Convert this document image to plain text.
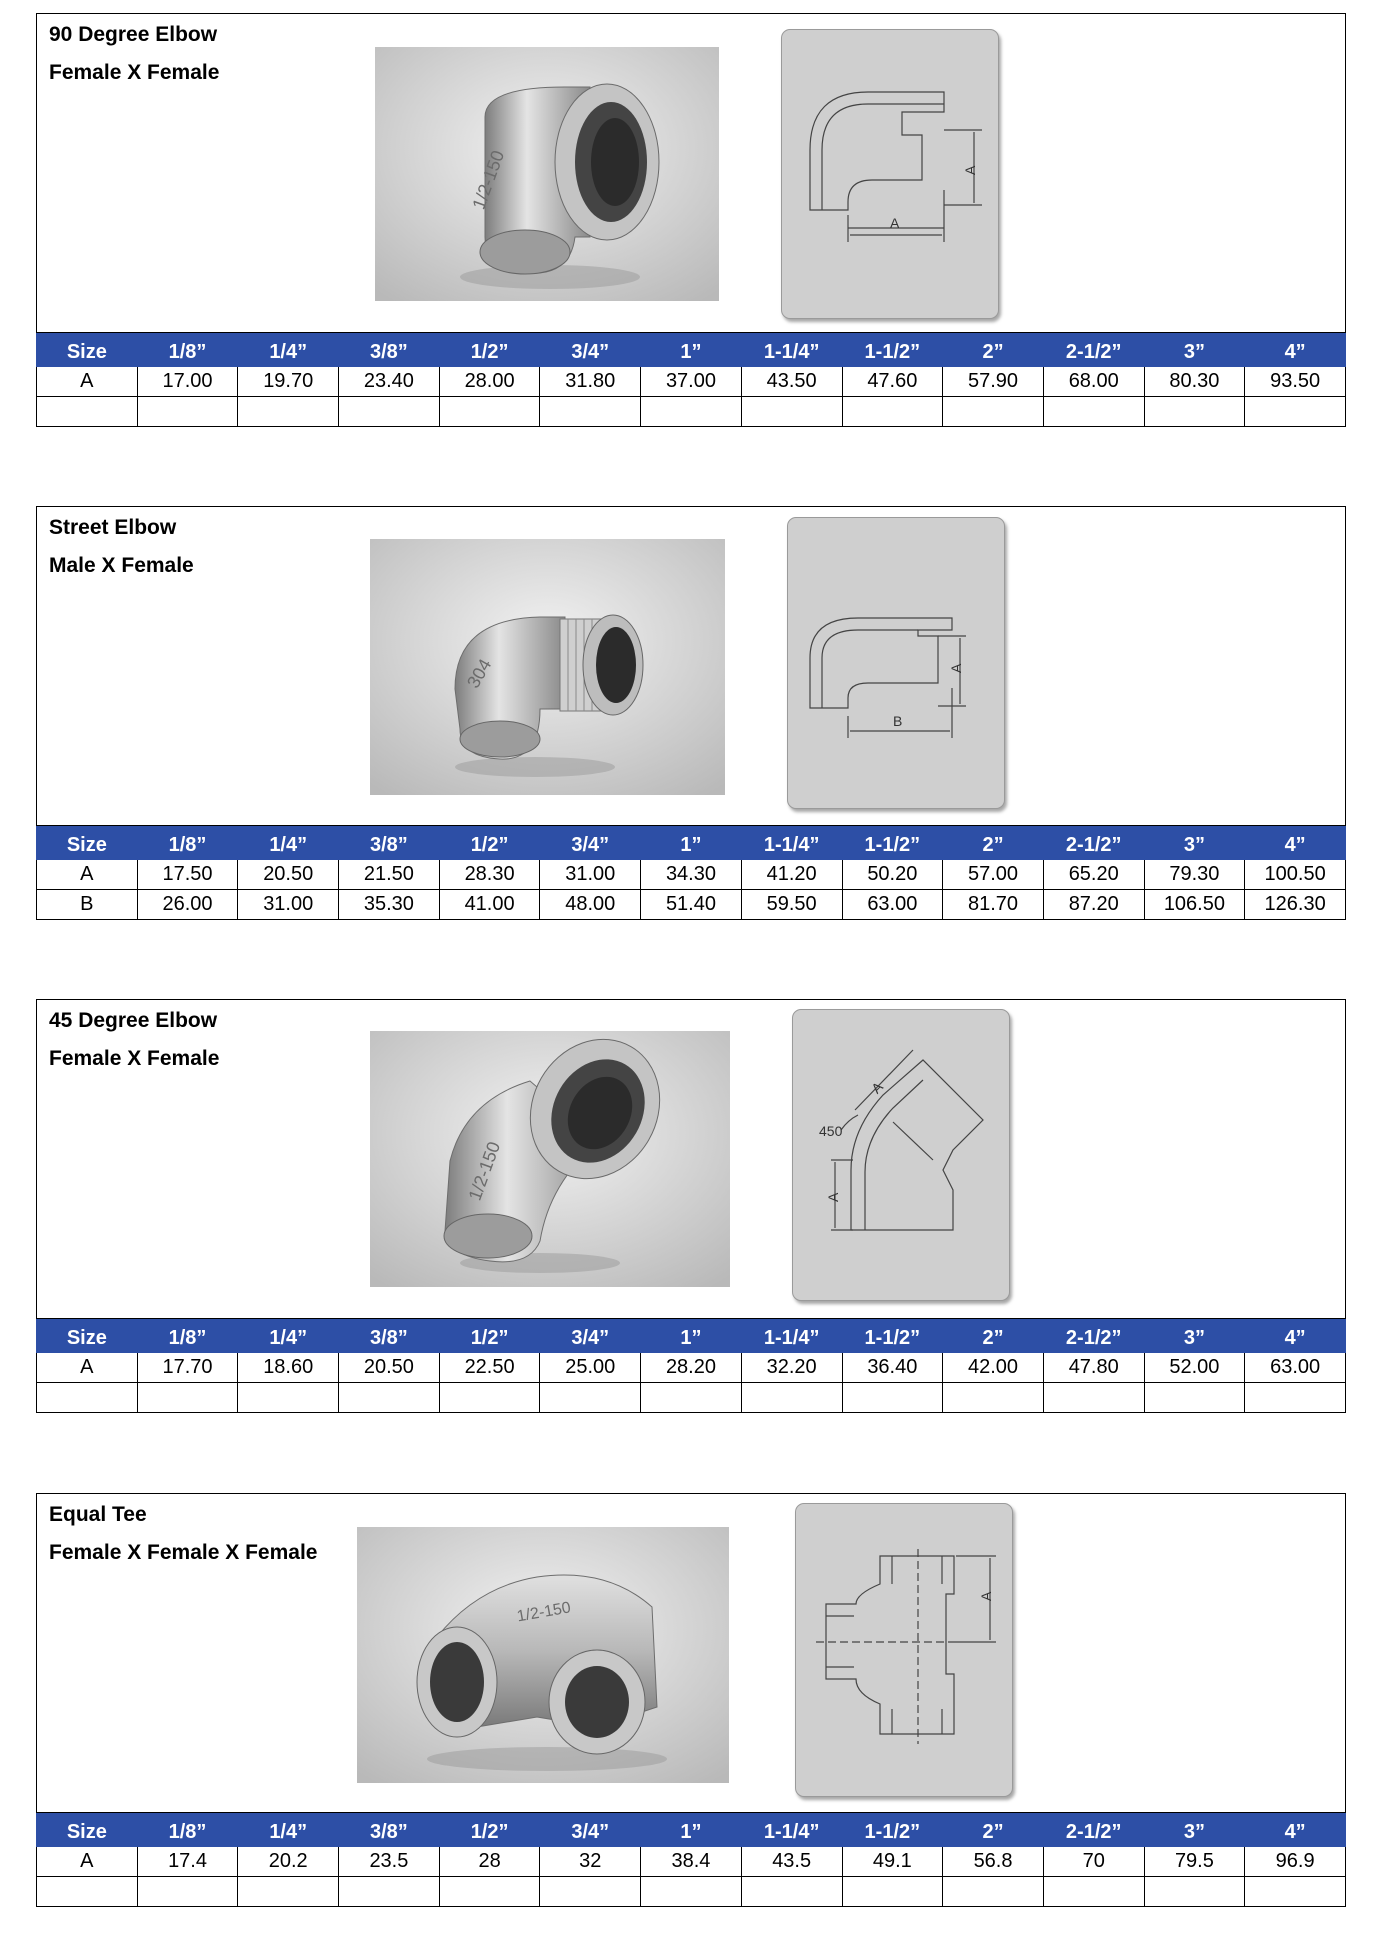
90 Degree Elbow
Female X Female
1/2-150	A
A
Size	1/8”	1/4”	3/8”	1/2”	3/4”	1”	1-1/4”	1-1/2”	2”	2-1/2”	3”	4”
A	17.00	19.70	23.40	28.00	31.80	37.00	43.50	47.60	57.90	68.00	80.30	93.50

Street Elbow
Male X Female
304	A
B
Size	1/8”	1/4”	3/8”	1/2”	3/4”	1”	1-1/4”	1-1/2”	2”	2-1/2”	3”	4”
A	17.50	20.50	21.50	28.30	31.00	34.30	41.20	50.20	57.00	65.20	79.30	100.50
B	26.00	31.00	35.30	41.00	48.00	51.40	59.50	63.00	81.70	87.20	106.50	126.30
45 Degree Elbow
Female X Female
1/2-150	A
450
A
Size	1/8”	1/4”	3/8”	1/2”	3/4”	1”	1-1/4”	1-1/2”	2”	2-1/2”	3”	4”
A	17.70	18.60	20.50	22.50	25.00	28.20	32.20	36.40	42.00	47.80	52.00	63.00

Equal Tee
Female X Female X Female
1/2-150
A
Size	1/8”	1/4”	3/8”	1/2”	3/4”	1”	1-1/4”	1-1/2”	2”	2-1/2”	3”	4”
A	17.4	20.2	23.5	28	32	38.4	43.5	49.1	56.8	70	79.5	96.9
